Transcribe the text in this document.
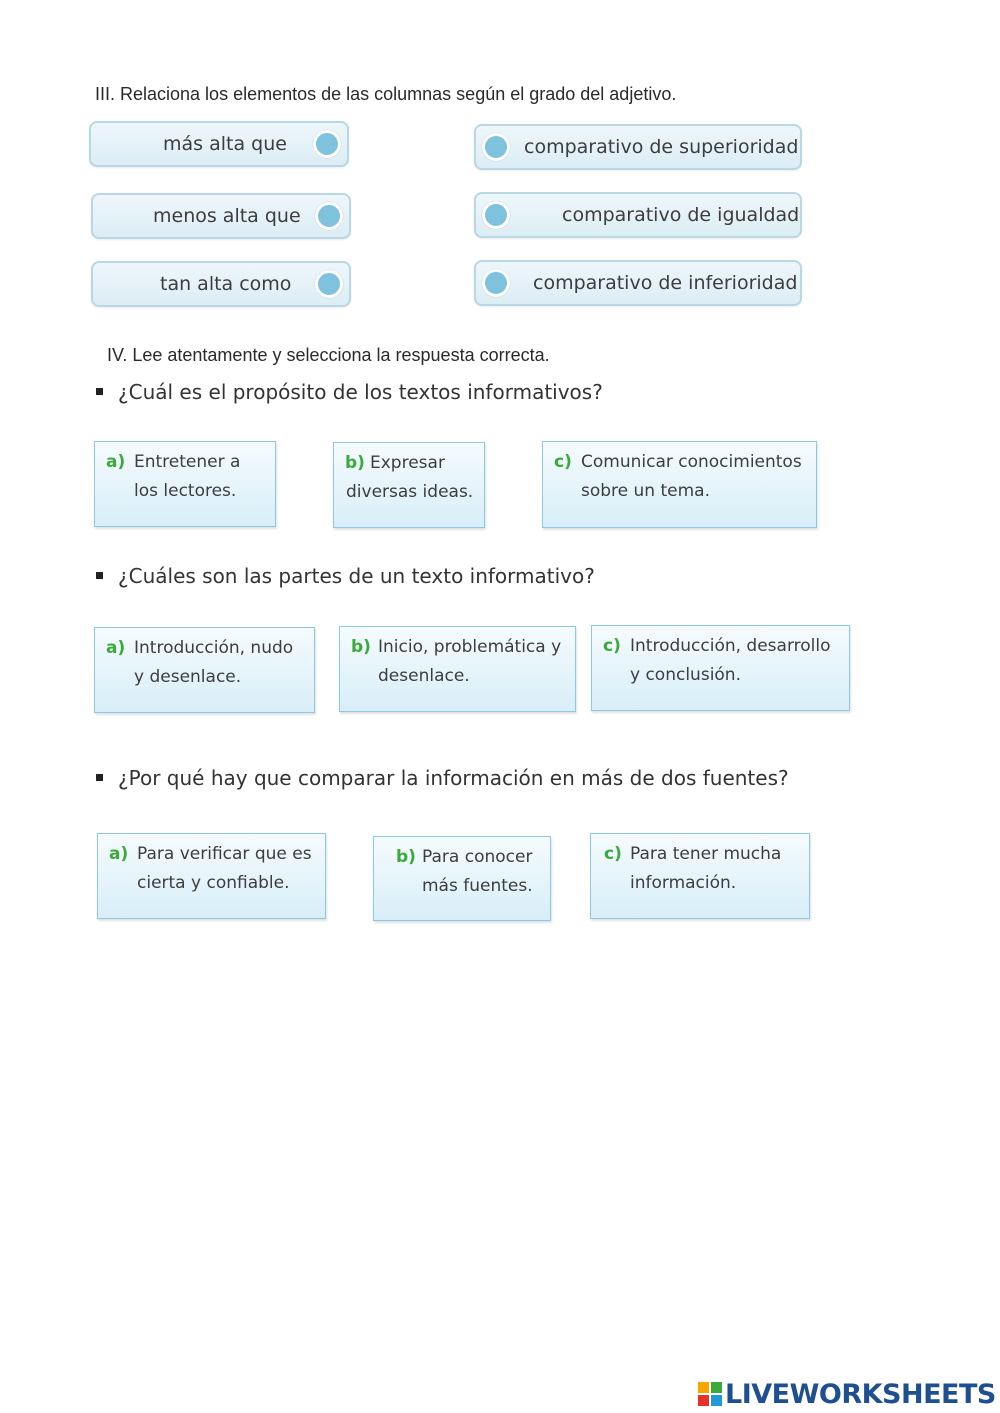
III. Relaciona los elementos de las columnas según el grado del adjetivo.
más alta que
menos alta que
tan alta como
comparativo de superioridad
comparativo de igualdad
comparativo de inferioridad
IV. Lee atentamente y selecciona la respuesta correcta.
¿Cuál es el propósito de los textos informativos?
a) Entretener a
los lectores.
b) Expresar
diversas ideas.
c) Comunicar conocimientos
sobre un tema.
¿Cuáles son las partes de un texto informativo?
a) Introducción, nudo
y desenlace.
b) Inicio, problemática y
desenlace.
c) Introducción, desarrollo
y conclusión.
¿Por qué hay que comparar la información en más de dos fuentes?
a) Para verificar que es
cierta y confiable.
b) Para conocer
más fuentes.
c) Para tener mucha
información.
LIVEWORKSHEETS
